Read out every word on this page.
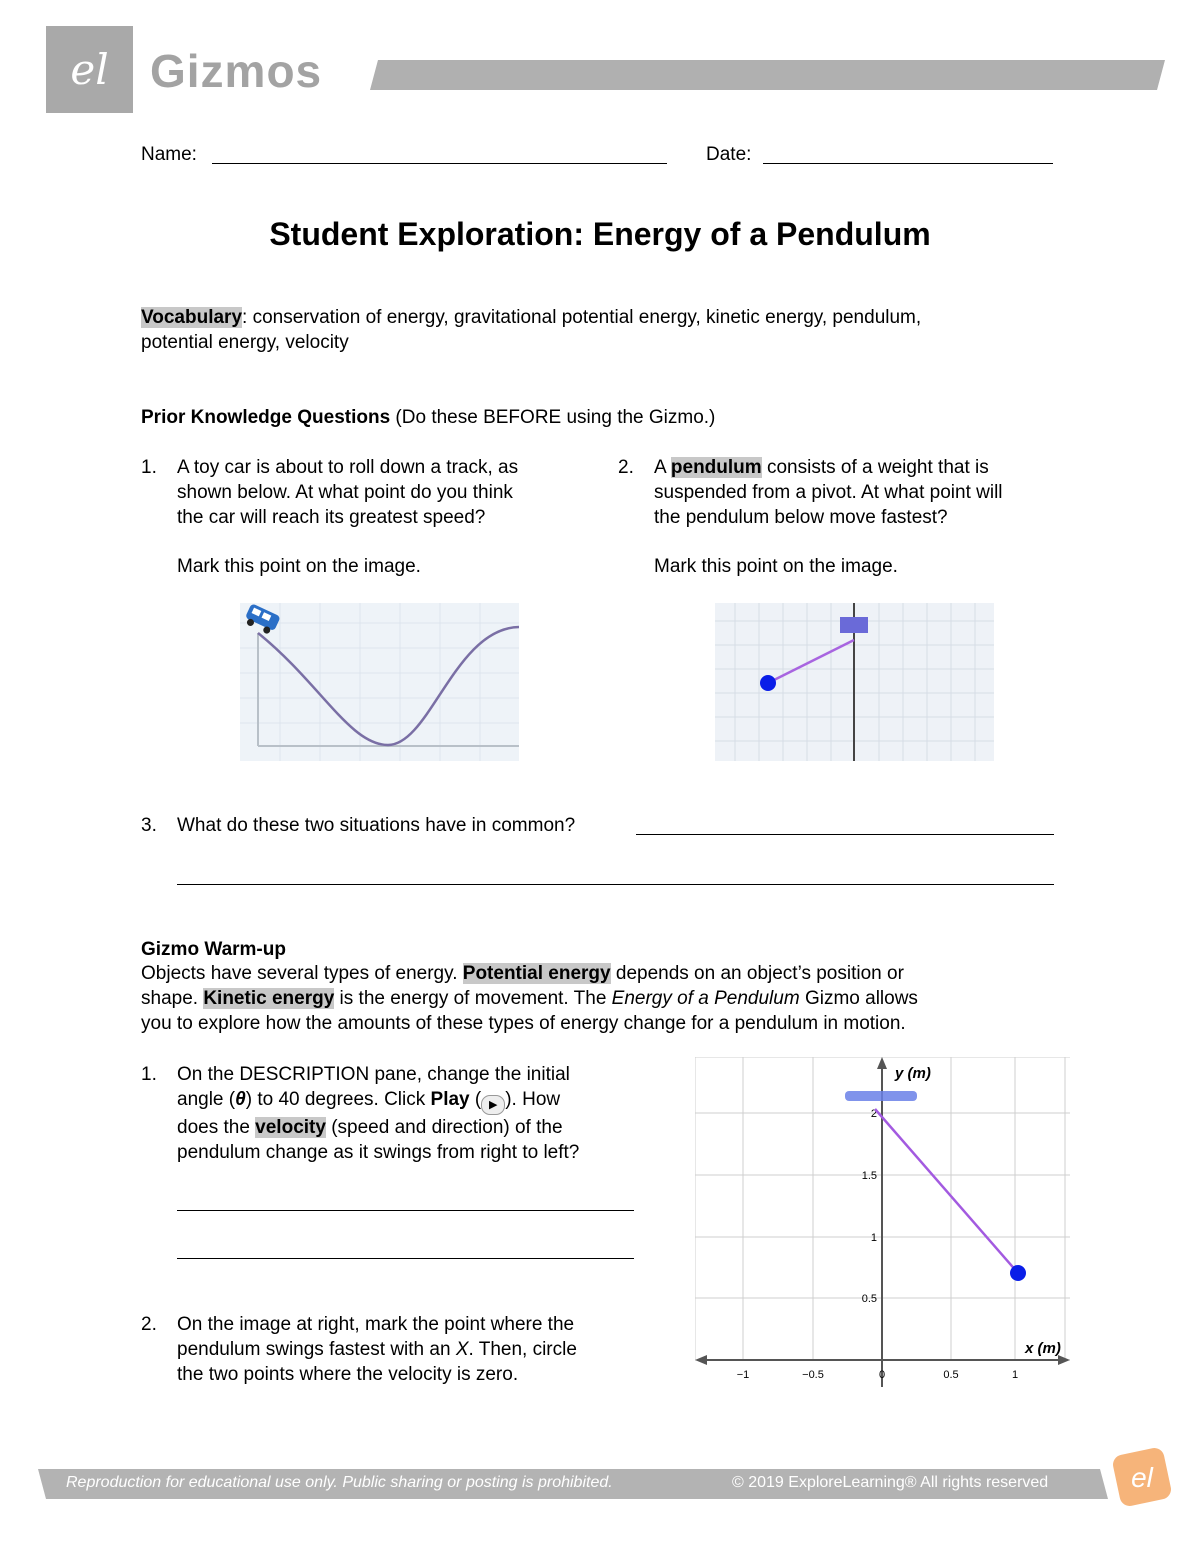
el Gizmos
Name:	Date:
Student Exploration: Energy of a Pendulum
Vocabulary: conservation of energy, gravitational potential energy, kinetic energy, pendulum,
potential energy, velocity
Prior Knowledge Questions (Do these BEFORE using the Gizmo.)
1. A toy car is about to roll down a track, as
shown below. At what point do you think
the car will reach its greatest speed?
Mark this point on the image.
2. A pendulum consists of a weight that is
suspended from a pivot. At what point will
the pendulum below move fastest?
Mark this point on the image.
3. What do these two situations have in common?
Gizmo Warm-up
Objects have several types of energy. Potential energy depends on an object’s position or
shape. Kinetic energy is the energy of movement. The Energy of a Pendulum Gizmo allows
you to explore how the amounts of these types of energy change for a pendulum in motion.
1. On the DESCRIPTION pane, change the initial
angle (θ) to 40 degrees. Click Play ( ▶ ). How
does the velocity (speed and direction) of the
pendulum change as it swings from right to left?
2. On the image at right, mark the point where the
pendulum swings fastest with an X. Then, circle
the two points where the velocity is zero.
y (m)
x (m)
−1	−0.5	0	0.5	1
2
1.5
1
0.5
Reproduction for educational use only. Public sharing or posting is prohibited.	© 2019 ExploreLearning® All rights reserved	el
